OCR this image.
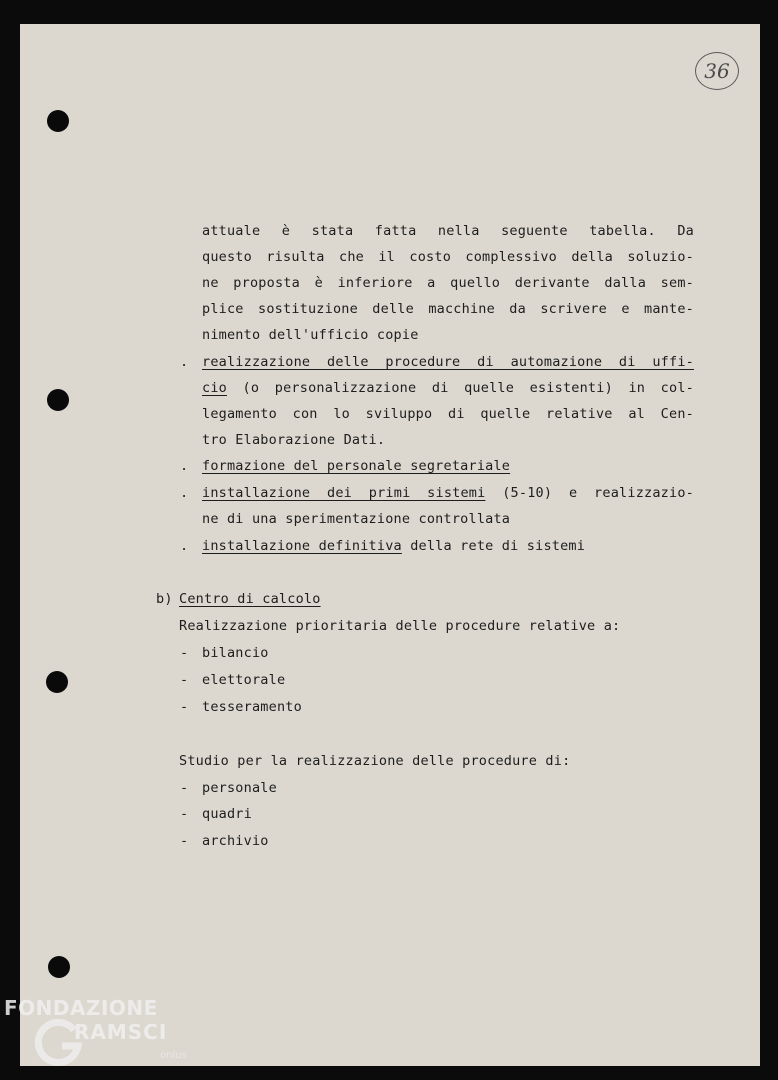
36
attuale è stata fatta nella seguente tabella. Da
questo risulta che il costo complessivo della soluzio-
ne proposta è inferiore a quello derivante dalla sem-
plice sostituzione delle macchine da scrivere e mante-
nimento dell'ufficio copie
. realizzazione delle procedure di automazione di uffi-
cio (o personalizzazione di quelle esistenti) in col-
legamento con lo sviluppo di quelle relative al Cen-
tro Elaborazione Dati.
. formazione del personale segretariale
. installazione dei primi sistemi (5-10) e realizzazio-
ne di una sperimentazione controllata
. installazione definitiva della rete di sistemi
b) Centro di calcolo
Realizzazione prioritaria delle procedure relative a:
- bilancio
- elettorale
- tesseramento
Studio per la realizzazione delle procedure di:
- personale
- quadri
- archivio
FONDAZIONE
RAMSCI
onlus
